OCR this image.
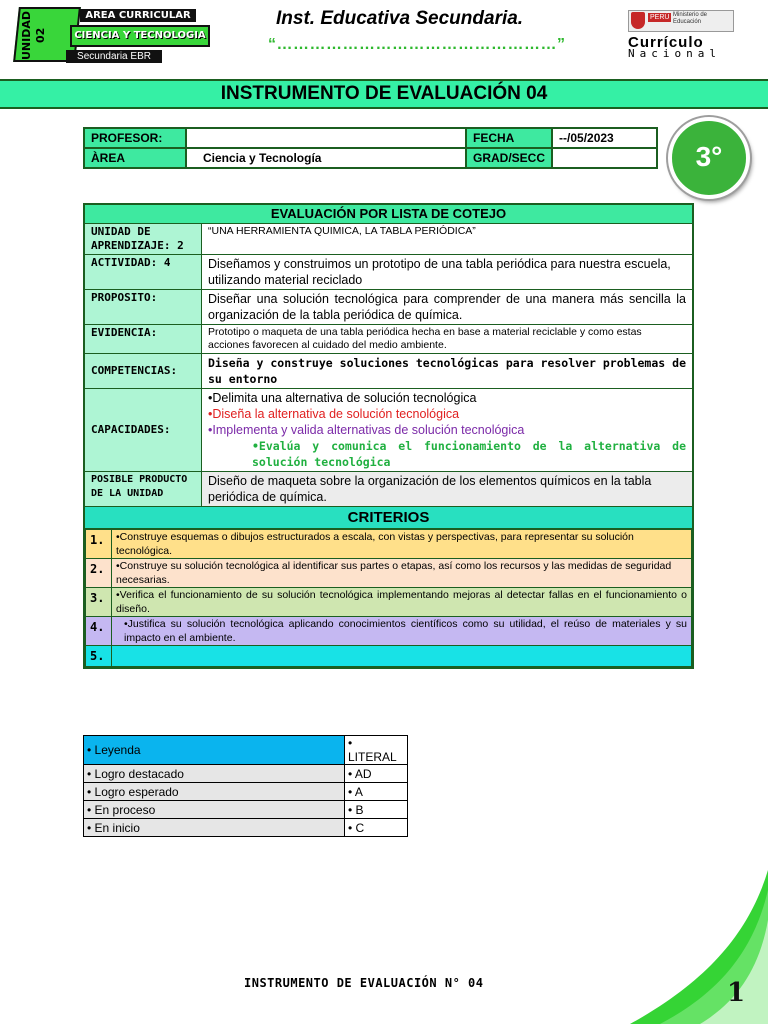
UNIDAD 02
AREA CURRICULAR
CIENCIA Y TECNOLOGIA
Secundaria EBR
Inst. Educativa Secundaria.
“……………………………………………”
PERÚ Ministerio de Educación
Currículo
Nacional
INSTRUMENTO DE EVALUACIÓN 04
PROFESOR:		FECHA	--/05/2023
ÀREA	Ciencia y Tecnología	GRAD/SECC		3°
EVALUACIÓN POR LISTA DE COTEJO
UNIDAD DE APRENDIZAJE: 2	“UNA HERRAMIENTA QUIMICA, LA TABLA PERIÓDICA”
ACTIVIDAD: 4	Diseñamos y construimos un prototipo de una tabla periódica para nuestra escuela, utilizando material reciclado
PROPOSITO:	Diseñar una solución tecnológica para comprender de una manera más sencilla la organización de la tabla periódica de química.
EVIDENCIA:	Prototipo o maqueta de una tabla periódica hecha en base a material reciclable y como estas acciones favorecen al cuidado del medio ambiente.
COMPETENCIAS:	Diseña y construye soluciones tecnológicas para resolver problemas de su entorno
CAPACIDADES:	
•Delimita una alternativa de solución tecnológica
•Diseña la alternativa de solución tecnológica
•Implementa y valida alternativas de solución tecnológica
•Evalúa y comunica el funcionamiento de la alternativa de solución tecnológica

POSIBLE PRODUCTO DE LA UNIDAD	Diseño de maqueta sobre la organización de los elementos químicos en la tabla periódica de química.
CRITERIOS

1.	•Construye esquemas o dibujos estructurados a escala, con vistas y perspectivas, para representar su solución tecnológica.
2.	•Construye su solución tecnológica al identificar sus partes o etapas, así como los recursos y las medidas de seguridad necesarias.
3.	•Verifica el funcionamiento de su solución tecnológica implementando mejoras al detectar fallas en el funcionamiento o diseño.
4.	•Justifica su solución tecnológica aplicando conocimientos científicos como su utilidad, el reúso de materiales y su impacto en el ambiente.
5.	
• Leyenda	• LITERAL
• Logro destacado	• AD
• Logro esperado	• A
• En proceso	• B
• En inicio	• C
INSTRUMENTO DE EVALUACIÓN N° 04	1
